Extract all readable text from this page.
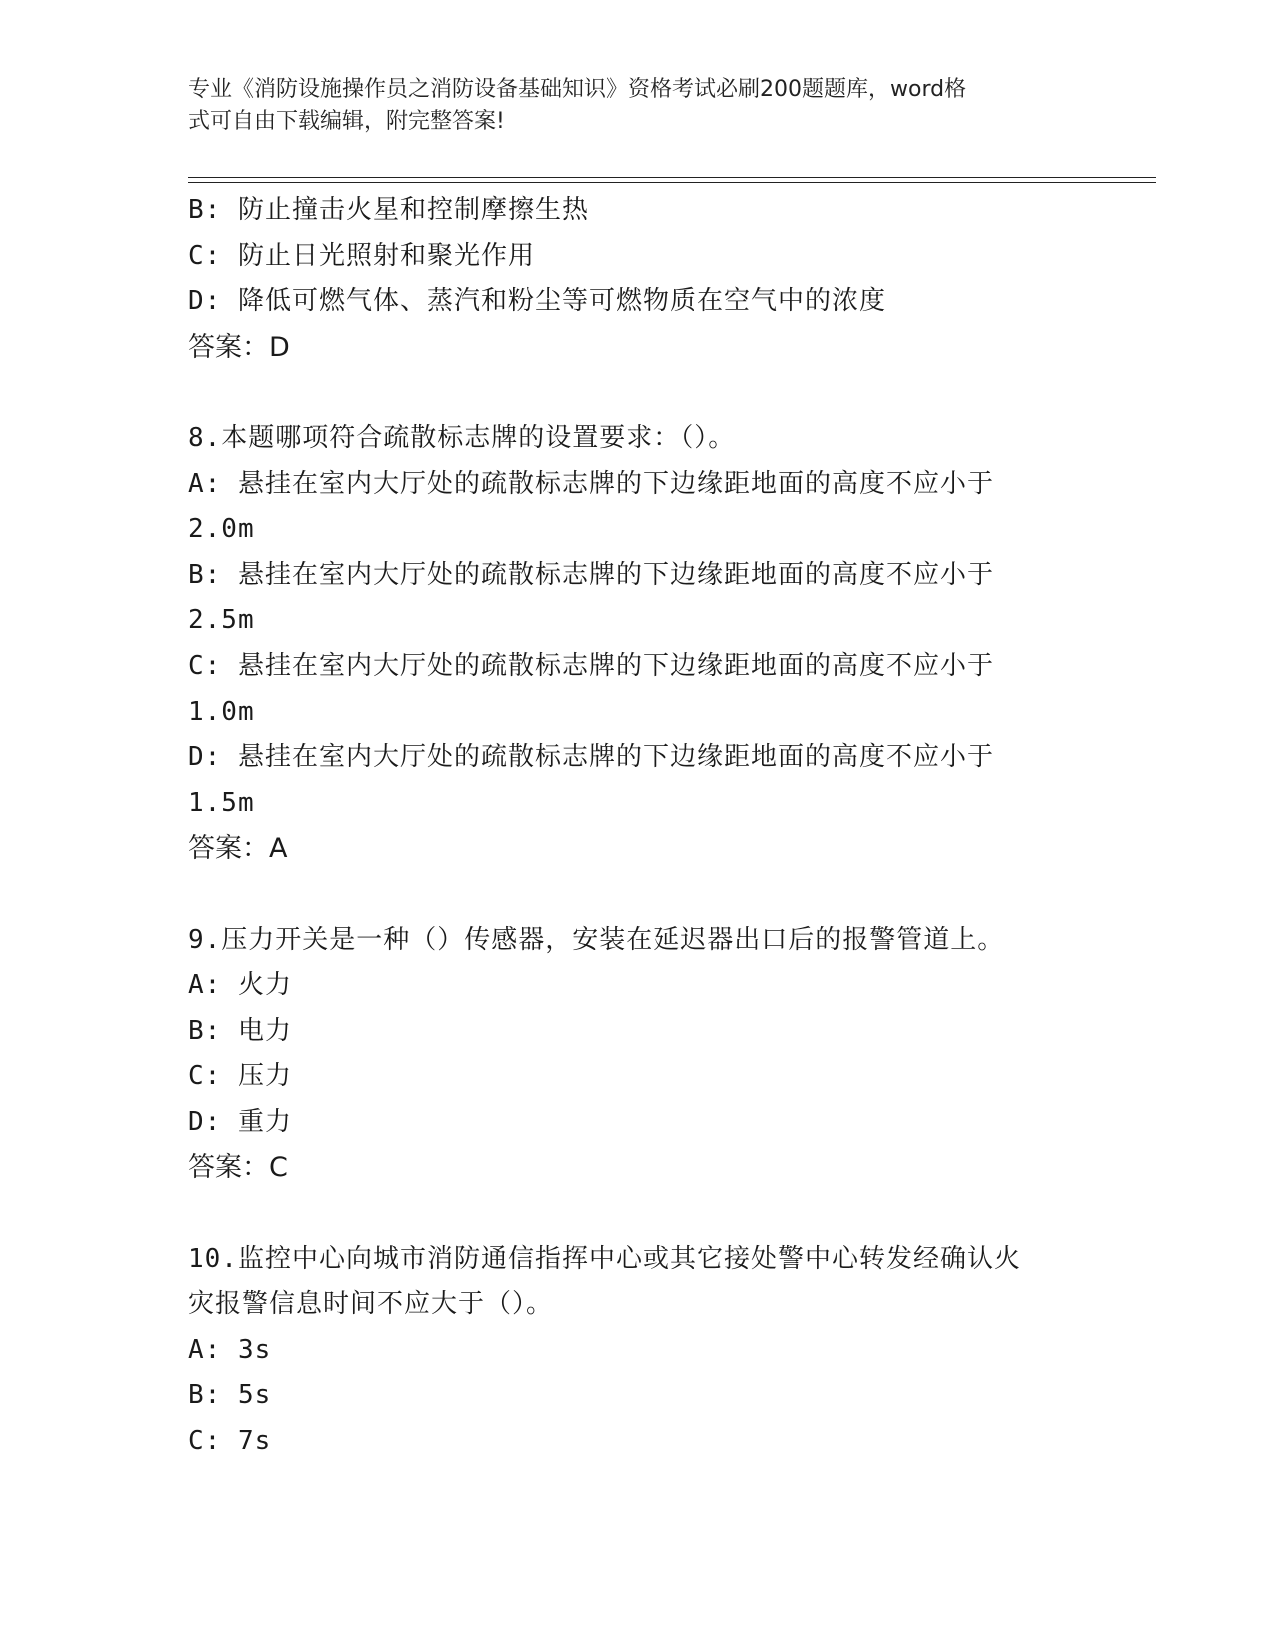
专业《消防设施操作员之消防设备基础知识》资格考试必刷200题题库，word格
式可自由下载编辑，附完整答案!
B: 防止撞击火星和控制摩擦生热
C: 防止日光照射和聚光作用
D: 降低可燃气体、蒸汽和粉尘等可燃物质在空气中的浓度
答案：D
8.本题哪项符合疏散标志牌的设置要求：（）。
A: 悬挂在室内大厅处的疏散标志牌的下边缘距地面的高度不应小于
2.0m
B: 悬挂在室内大厅处的疏散标志牌的下边缘距地面的高度不应小于
2.5m
C: 悬挂在室内大厅处的疏散标志牌的下边缘距地面的高度不应小于
1.0m
D: 悬挂在室内大厅处的疏散标志牌的下边缘距地面的高度不应小于
1.5m
答案：A
9.压力开关是一种（）传感器，安装在延迟器出口后的报警管道上。
A: 火力
B: 电力
C: 压力
D: 重力
答案：C
10.监控中心向城市消防通信指挥中心或其它接处警中心转发经确认火
灾报警信息时间不应大于（）。
A: 3s
B: 5s
C: 7s
